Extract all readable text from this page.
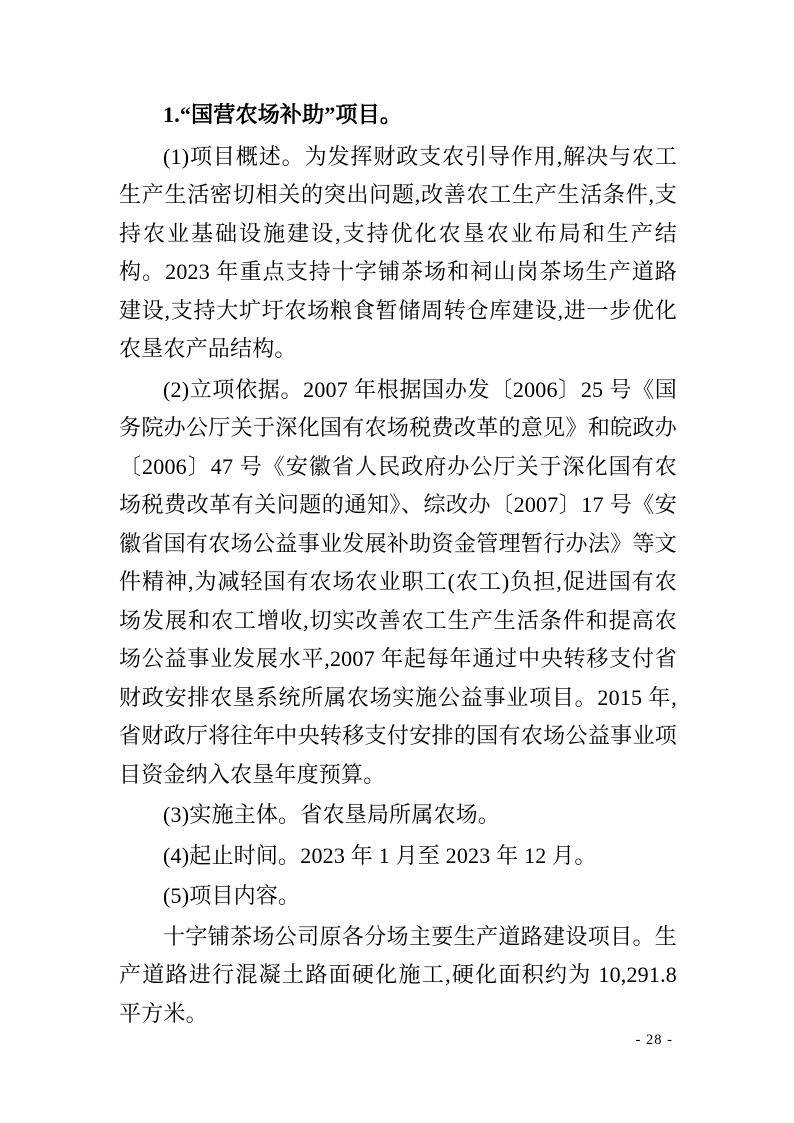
1.“国营农场补助”项目。

(1)项目概述。为发挥财政支农引导作用,解决与农工生产生活密切相关的突出问题,改善农工生产生活条件,支持农业基础设施建设,支持优化农垦农业布局和生产结构。2023 年重点支持十字铺茶场和祠山岗茶场生产道路建设,支持大圹圩农场粮食暂储周转仓库建设,进一步优化农垦农产品结构。

(2)立项依据。2007 年根据国办发〔2006〕25 号《国务院办公厅关于深化国有农场税费改革的意见》和皖政办〔2006〕47 号《安徽省人民政府办公厅关于深化国有农场税费改革有关问题的通知》、综改办〔2007〕17 号《安徽省国有农场公益事业发展补助资金管理暂行办法》等文件精神,为减轻国有农场农业职工(农工)负担,促进国有农场发展和农工增收,切实改善农工生产生活条件和提高农场公益事业发展水平,2007 年起每年通过中央转移支付省财政安排农垦系统所属农场实施公益事业项目。2015 年,省财政厅将往年中央转移支付安排的国有农场公益事业项目资金纳入农垦年度预算。

(3)实施主体。省农垦局所属农场。

(4)起止时间。2023 年 1 月至 2023 年 12 月。

(5)项目内容。

十字铺茶场公司原各分场主要生产道路建设项目。生产道路进行混凝土路面硬化施工,硬化面积约为 10,291.8 平方米。

- 28 -
